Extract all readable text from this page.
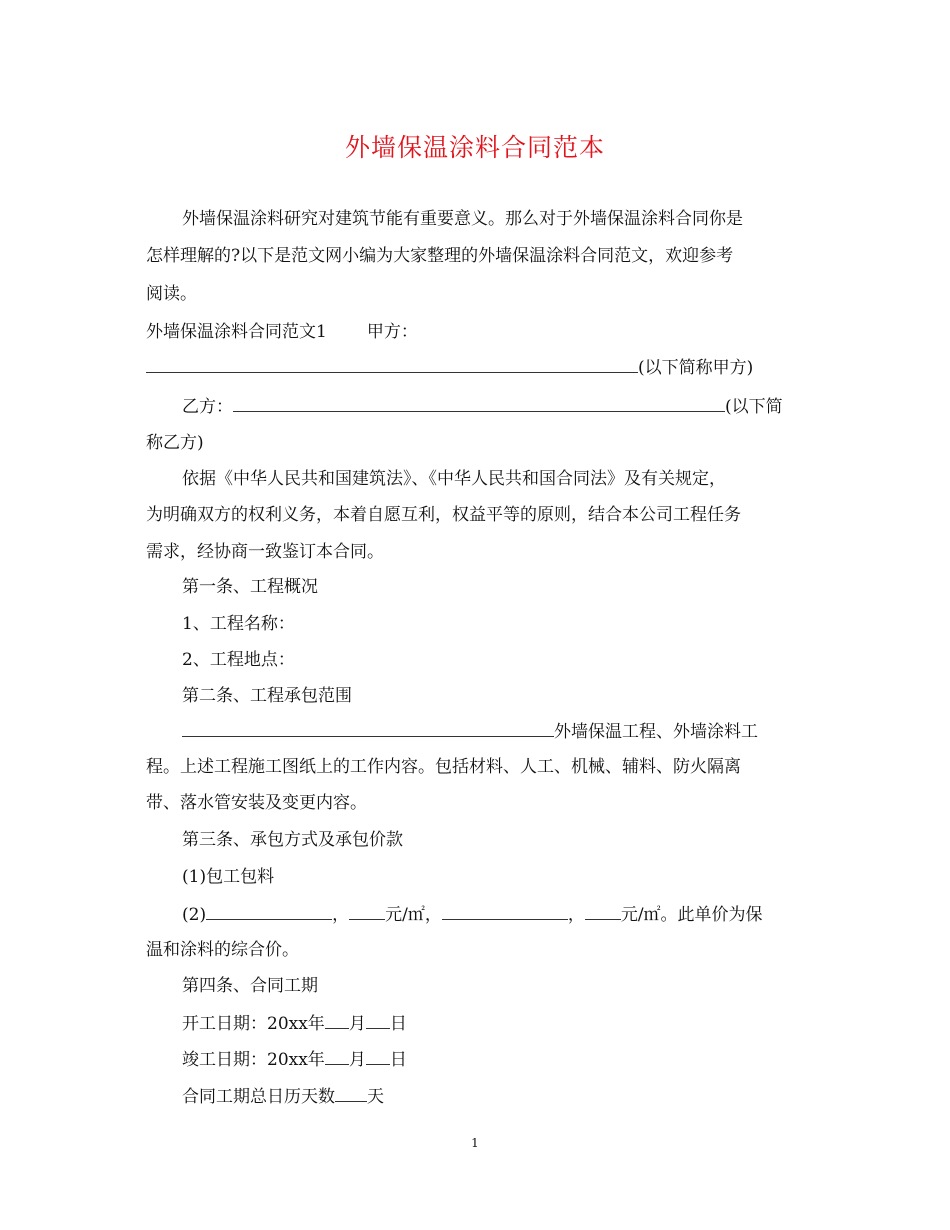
外墙保温涂料合同范本
外墙保温涂料研究对建筑节能有重要意义。那么对于外墙保温涂料合同你是
怎样理解的?以下是范文网小编为大家整理的外墙保温涂料合同范文，欢迎参考
阅读。
外墙保温涂料合同范文1 甲方：
(以下简称甲方)
乙方：	(以下简
称乙方)
依据《中华人民共和国建筑法》、《中华人民共和国合同法》及有关规定，
为明确双方的权利义务，本着自愿互利，权益平等的原则，结合本公司工程任务
需求，经协商一致鉴订本合同。
第一条、工程概况
1、工程名称：
2、工程地点：
第二条、工程承包范围
外墙保温工程、外墙涂料工
程。上述工程施工图纸上的工作内容。包括材料、人工、机械、辅料、防火隔离
带、落水管安装及变更内容。
第三条、承包方式及承包价款
(1)包工包料
(2)	， 元/㎡，	， 元/㎡。此单价为保
温和涂料的综合价。
第四条、合同工期
开工日期：20xx年 月 日
竣工日期：20xx年 月 日
合同工期总日历天数 天
1
